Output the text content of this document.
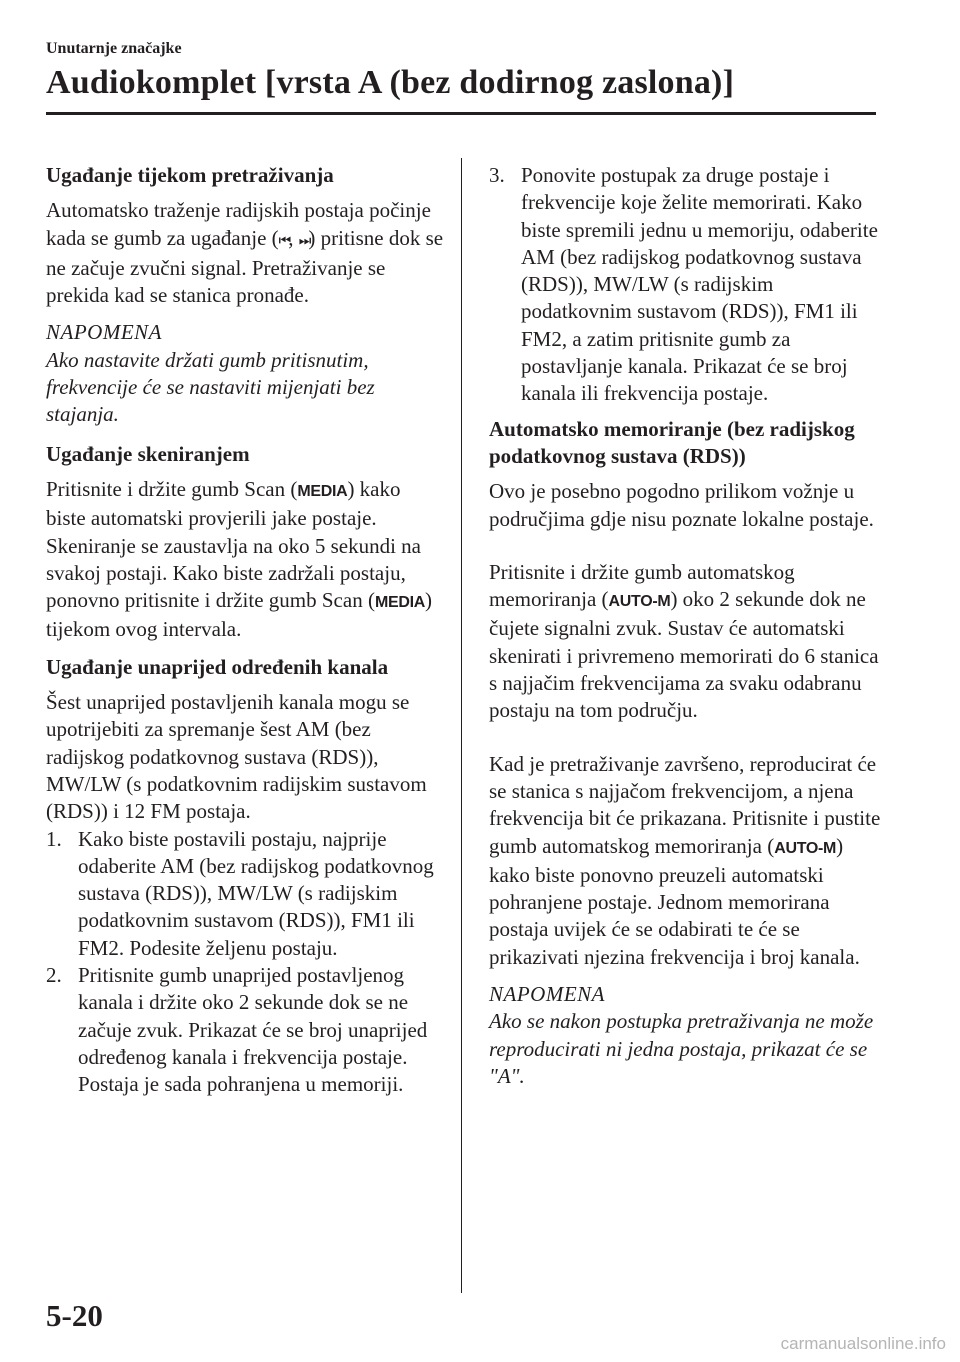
Unutarnje značajke
Audiokomplet [vrsta A (bez dodirnog zaslona)]

Ugađanje tijekom pretraživanja

Automatsko traženje radijskih postaja počinje kada se gumb za ugađanje (⏮, ⏭) pritisne dok se ne začuje zvučni signal. Pretraživanje se prekida kad se stanica pronađe.

NAPOMENA

Ako nastavite držati gumb pritisnutim, frekvencije će se nastaviti mijenjati bez stajanja.

Ugađanje skeniranjem

Pritisnite i držite gumb Scan (MEDIA) kako biste automatski provjerili jake postaje. Skeniranje se zaustavlja na oko 5 sekundi na svakoj postaji. Kako biste zadržali postaju, ponovno pritisnite i držite gumb Scan (MEDIA) tijekom ovog intervala.

Ugađanje unaprijed određenih kanala

Šest unaprijed postavljenih kanala mogu se upotrijebiti za spremanje šest AM (bez radijskog podatkovnog sustava (RDS)), MW/LW (s podatkovnim radijskim sustavom (RDS)) i 12 FM postaja.

1. Kako biste postavili postaju, najprije odaberite AM (bez radijskog podatkovnog sustava (RDS)), MW/LW (s radijskim podatkovnim sustavom (RDS)), FM1 ili FM2. Podesite željenu postaju.
2. Pritisnite gumb unaprijed postavljenog kanala i držite oko 2 sekunde dok se ne začuje zvuk. Prikazat će se broj unaprijed određenog kanala i frekvencija postaje. Postaja je sada pohranjena u memoriji.
3. Ponovite postupak za druge postaje i frekvencije koje želite memorirati. Kako biste spremili jednu u memoriju, odaberite AM (bez radijskog podatkovnog sustava (RDS)), MW/LW (s radijskim podatkovnim sustavom (RDS)), FM1 ili FM2, a zatim pritisnite gumb za postavljanje kanala. Prikazat će se broj kanala ili frekvencija postaje.

Automatsko memoriranje (bez radijskog podatkovnog sustava (RDS))

Ovo je posebno pogodno prilikom vožnje u područjima gdje nisu poznate lokalne postaje.

Pritisnite i držite gumb automatskog memoriranja (AUTO-M) oko 2 sekunde dok ne čujete signalni zvuk. Sustav će automatski skenirati i privremeno memorirati do 6 stanica s najjačim frekvencijama za svaku odabranu postaju na tom području.

Kad je pretraživanje završeno, reproducirat će se stanica s najjačom frekvencijom, a njena frekvencija bit će prikazana. Pritisnite i pustite gumb automatskog memoriranja (AUTO-M) kako biste ponovno preuzeli automatski pohranjene postaje. Jednom memorirana postaja uvijek će se odabirati te će se prikazivati njezina frekvencija i broj kanala.

NAPOMENA

Ako se nakon postupka pretraživanja ne može reproducirati ni jedna postaja, prikazat će se "A".

5-20
carmanualsonline.info
